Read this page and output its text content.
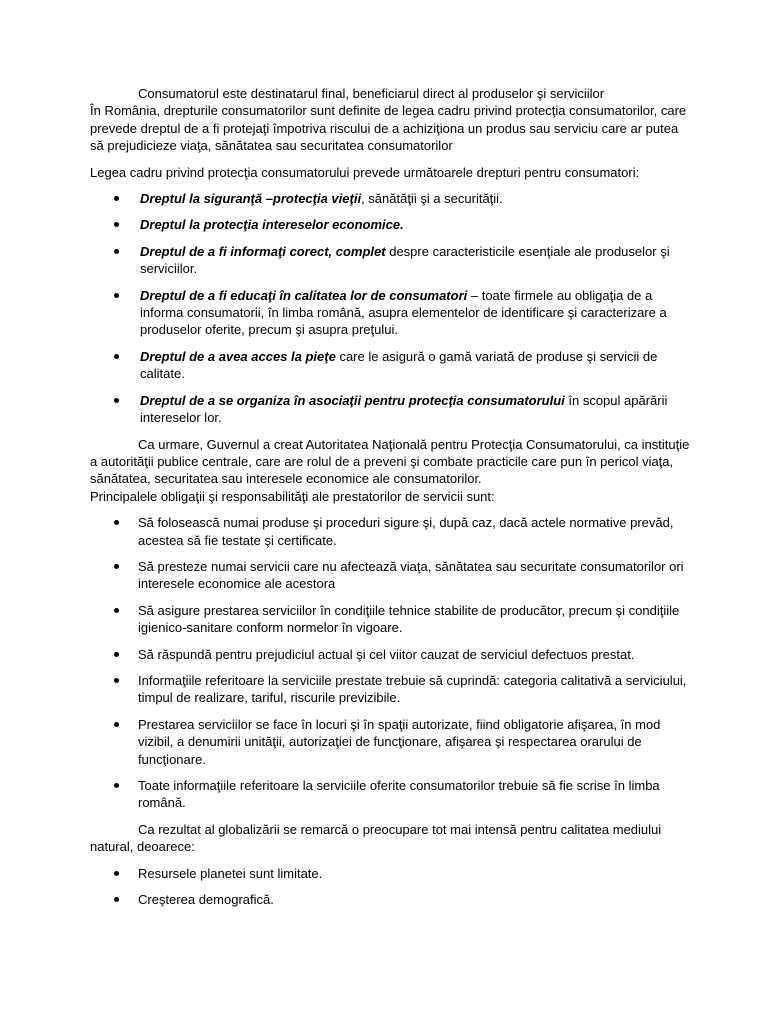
Consumatorul este destinatarul final, beneficiarul direct al produselor şi serviciilor

În România, drepturile consumatorilor sunt definite de legea cadru privind protecţia consumatorilor, care prevede dreptul de a fi protejaţi împotriva riscului de a achiziţiona un produs sau serviciu care ar putea să prejudicieze viaţa, sănătatea sau securitatea consumatorilor

Legea cadru privind protecţia consumatorului prevede următoarele drepturi pentru consumatori:

Dreptul la siguranţă –protecţia vieţii, sănătăţii şi a securităţii.
Dreptul la protecţia intereselor economice.
Dreptul de a fi informaţi corect, complet despre caracteristicile esenţiale ale produselor şi serviciilor.
Dreptul de a fi educaţi în calitatea lor de consumatori – toate firmele au obligaţia de a informa consumatorii, în limba română, asupra elementelor de identificare şi caracterizare a produselor oferite, precum şi asupra preţului.
Dreptul de a avea acces la pieţe care le asigură o gamă variată de produse şi servicii de calitate.
Dreptul de a se organiza în asociaţii pentru protecţia consumatorului în scopul apărării intereselor lor.

Ca urmare, Guvernul a creat Autoritatea Naţională pentru Protecţia Consumatorului, ca instituţie a autorităţii publice centrale, care are rolul de a preveni şi combate practicile care pun în pericol viaţa, sănătatea, securitatea sau interesele economice ale consumatorilor.

Principalele obligaţii şi responsabilităţi ale prestatorilor de servicii sunt:

Să folosească numai produse şi proceduri sigure şi, după caz, dacă actele normative prevăd, acestea să fie testate şi certificate.
Să presteze numai servicii care nu afectează viaţa, sănătatea sau securitate consumatorilor ori interesele economice ale acestora
Să asigure prestarea serviciilor în condiţiile tehnice stabilite de producător, precum şi condiţiile igienico-sanitare conform normelor în vigoare.
Să răspundă pentru prejudiciul actual şi cel viitor cauzat de serviciul defectuos prestat.
Informaţiile referitoare la serviciile prestate trebuie să cuprindă: categoria calitativă a serviciului, timpul de realizare, tariful, riscurile previzibile.
Prestarea serviciilor se face în locuri şi în spaţii autorizate, fiind obligatorie afişarea, în mod vizibil, a denumirii unităţii, autorizaţiei de funcţionare, afişarea şi respectarea orarului de funcţionare.
Toate informaţiile referitoare la serviciile oferite consumatorilor trebuie să fie scrise în limba română.

Ca rezultat al globalizării se remarcă o preocupare tot mai intensă pentru calitatea mediului natural, deoarece:

Resursele planetei sunt limitate.
Creşterea demografică.
